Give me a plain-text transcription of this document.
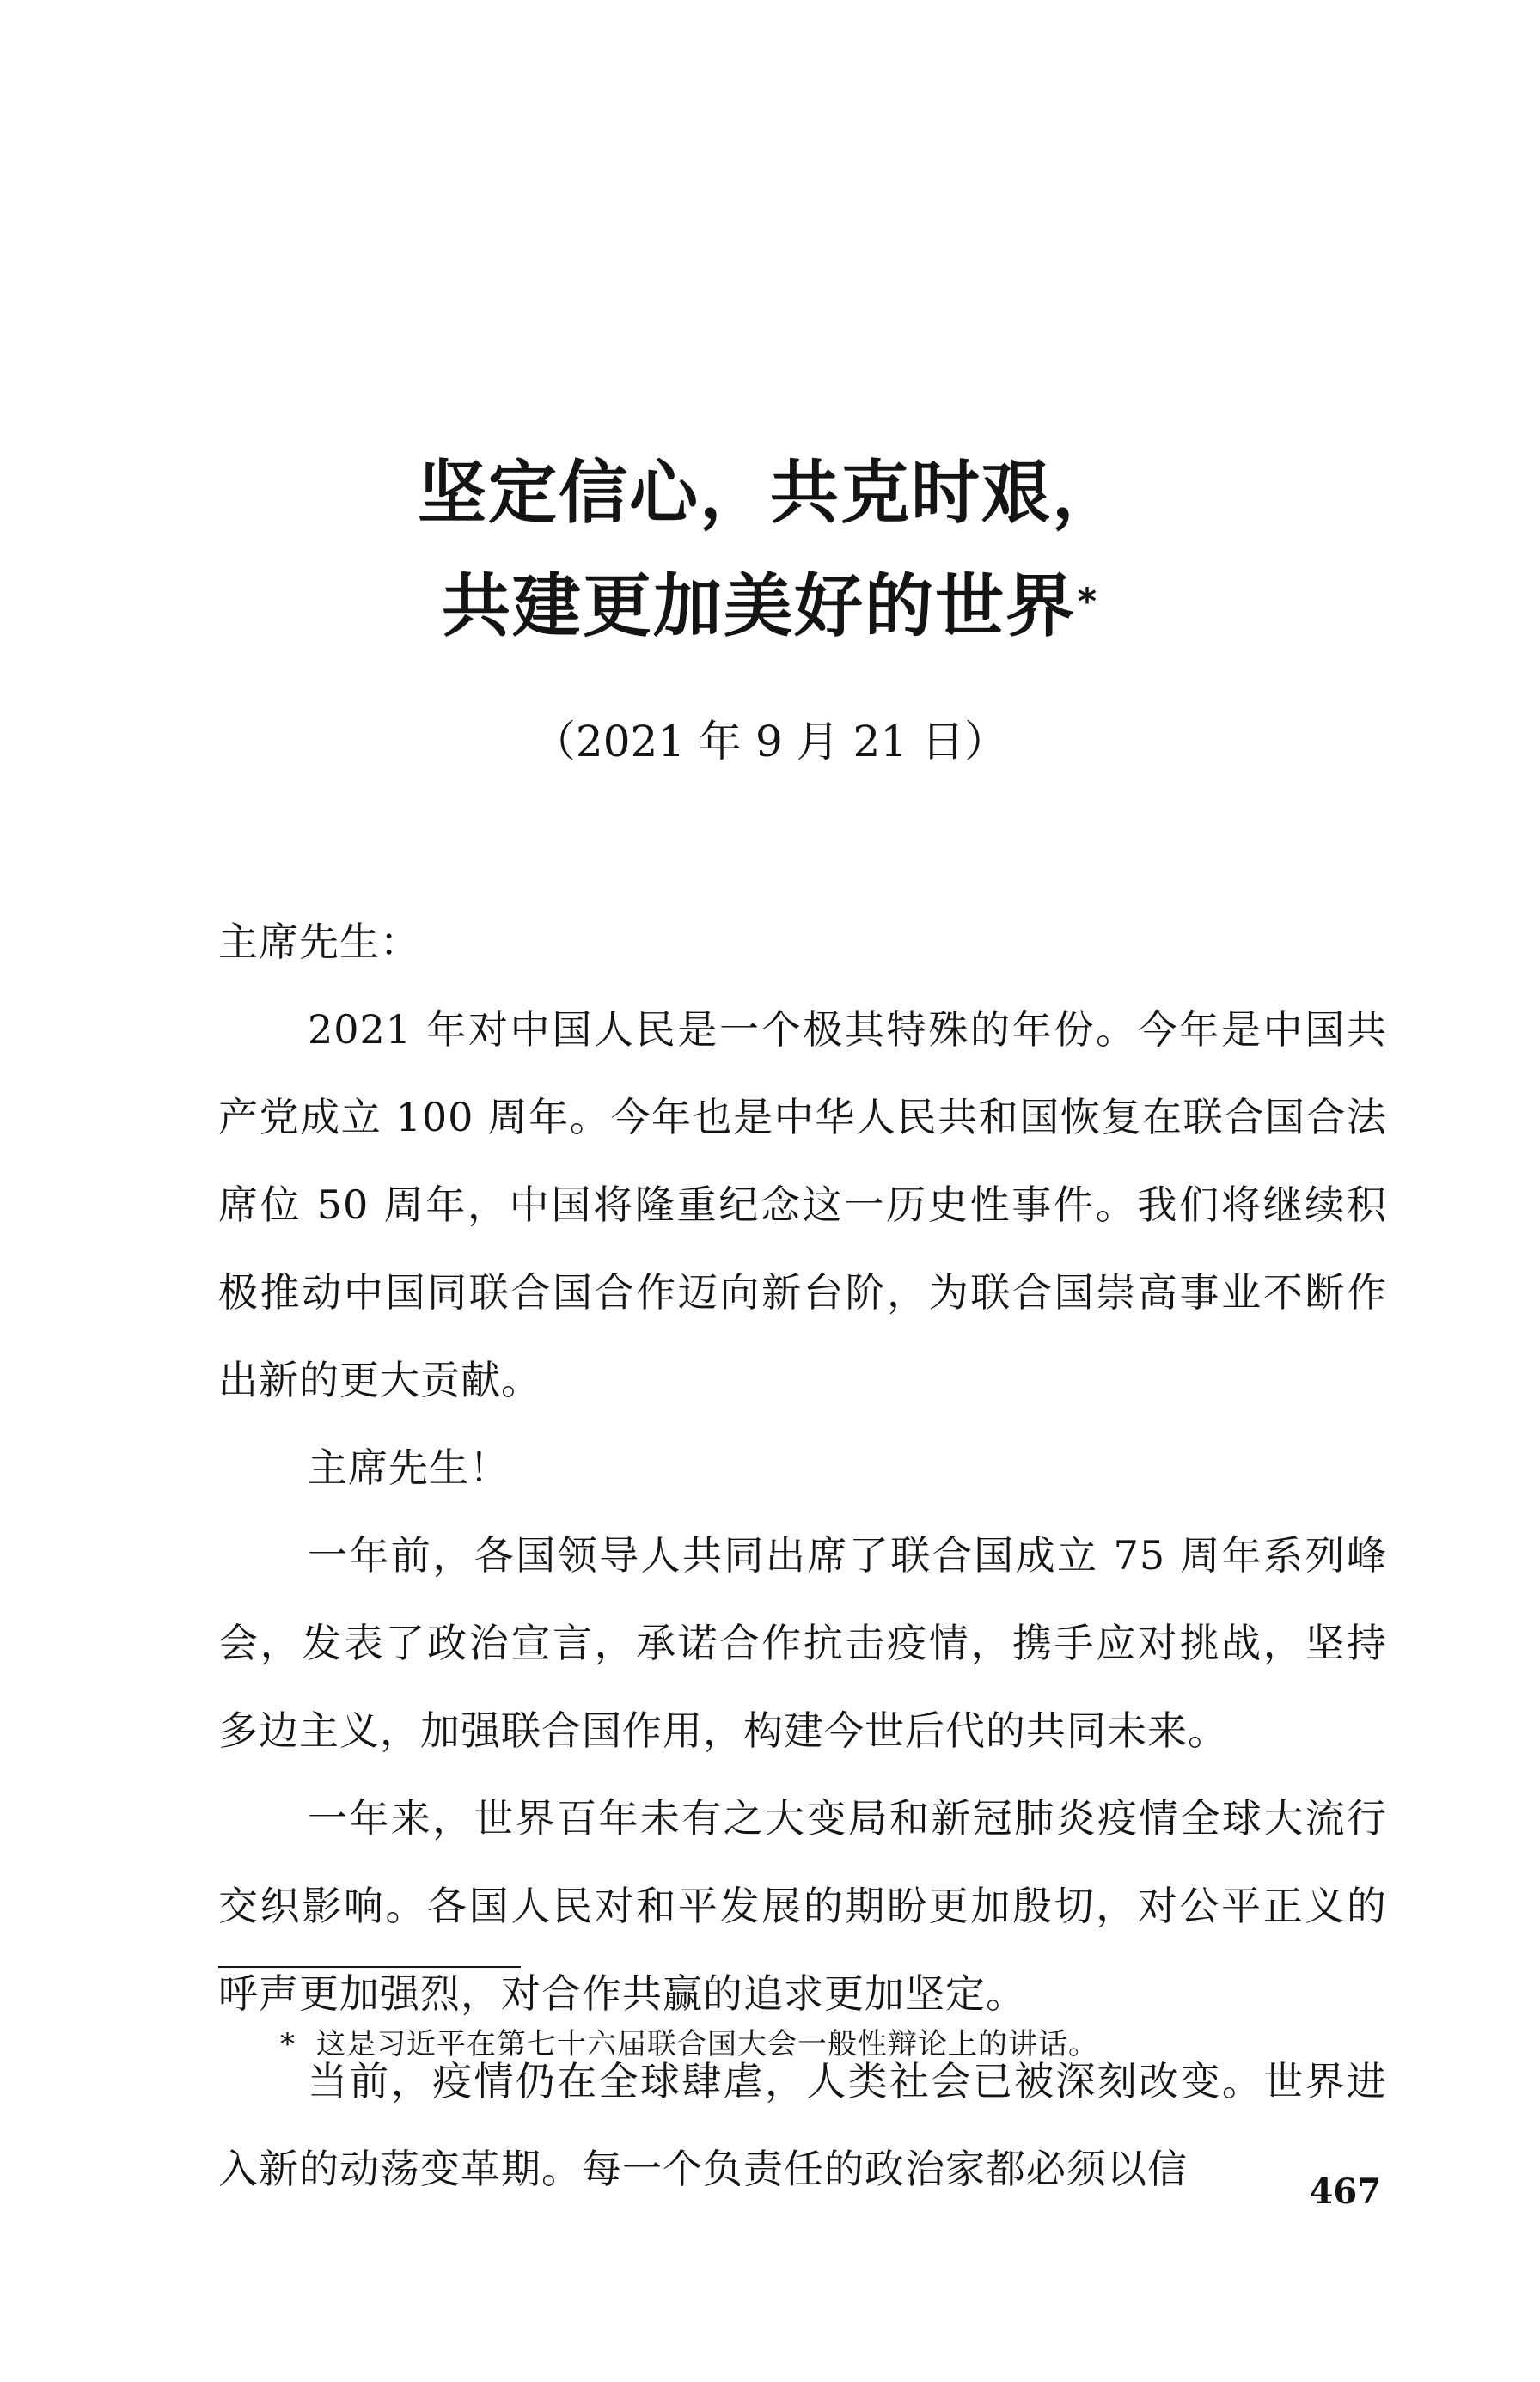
坚定信心，共克时艰，
共建更加美好的世界*
（2021 年 9 月 21 日）

主席先生：

2021 年对中国人民是一个极其特殊的年份。今年是中国共产党成立 100 周年。今年也是中华人民共和国恢复在联合国合法席位 50 周年，中国将隆重纪念这一历史性事件。我们将继续积极推动中国同联合国合作迈向新台阶，为联合国崇高事业不断作出新的更大贡献。

主席先生！

一年前，各国领导人共同出席了联合国成立 75 周年系列峰会，发表了政治宣言，承诺合作抗击疫情，携手应对挑战，坚持多边主义，加强联合国作用，构建今世后代的共同未来。

一年来，世界百年未有之大变局和新冠肺炎疫情全球大流行交织影响。各国人民对和平发展的期盼更加殷切，对公平正义的呼声更加强烈，对合作共赢的追求更加坚定。

当前，疫情仍在全球肆虐，人类社会已被深刻改变。世界进入新的动荡变革期。每一个负责任的政治家都必须以信

* 这是习近平在第七十六届联合国大会一般性辩论上的讲话。
467
